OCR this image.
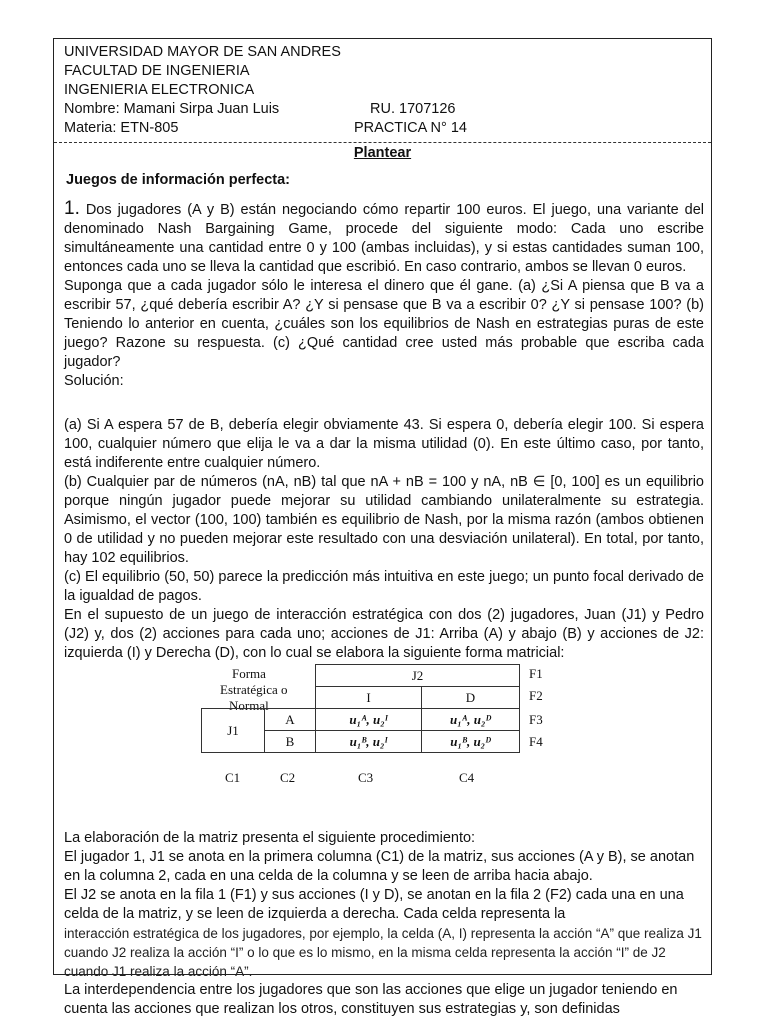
UNIVERSIDAD MAYOR DE SAN ANDRES
FACULTAD DE INGENIERIA
INGENIERIA ELECTRONICA
Nombre: Mamani Sirpa Juan Luis	RU. 1707126
Materia: ETN-805	PRACTICA N° 14
Plantear
Juegos de información perfecta:

1. Dos jugadores (A y B) están negociando cómo repartir 100 euros. El juego, una variante del denominado Nash Bargaining Game, procede del siguiente modo: Cada uno escribe simultáneamente una cantidad entre 0 y 100 (ambas incluidas), y si estas cantidades suman 100, entonces cada uno se lleva la cantidad que escribió. En caso contrario, ambos se llevan 0 euros.

Suponga que a cada jugador sólo le interesa el dinero que él gane. (a) ¿Si A piensa que B va a escribir 57, ¿qué debería escribir A? ¿Y si pensase que B va a escribir 0? ¿Y si pensase 100? (b) Teniendo lo anterior en cuenta, ¿cuáles son los equilibrios de Nash en estrategias puras de este juego? Razone su respuesta. (c) ¿Qué cantidad cree usted más probable que escriba cada jugador?

Solución:

(a) Si A espera 57 de B, debería elegir obviamente 43. Si espera 0, debería elegir 100. Si espera 100, cualquier número que elija le va a dar la misma utilidad (0). En este último caso, por tanto, está indiferente entre cualquier número.

(b) Cualquier par de números (nA, nB) tal que nA + nB = 100 y nA, nB ∈ [0, 100] es un equilibrio porque ningún jugador puede mejorar su utilidad cambiando unilateralmente su estrategia. Asimismo, el vector (100, 100) también es equilibrio de Nash, por la misma razón (ambos obtienen 0 de utilidad y no pueden mejorar este resultado con una desviación unilateral). En total, por tanto, hay 102 equilibrios.

(c) El equilibrio (50, 50) parece la predicción más intuitiva en este juego; un punto focal derivado de la igualdad de pagos.

En el supuesto de un juego de interacción estratégica con dos (2) jugadores, Juan (J1) y Pedro (J2) y, dos (2) acciones para cada uno; acciones de J1: Arriba (A) y abajo (B) y acciones de J2: izquierda (I) y Derecha (D), con lo cual se elabora la siguiente forma matricial:

Forma
Estratégica o
Normal
		J2	
		I	D
J1	A	u₁ᴬ, u₂ᴵ	u₁ᴬ, u₂ᴰ
	B	u₁ᴮ, u₂ᴵ	u₁ᴮ, u₂ᴰ
F1
F2
F3
F4
C1	C2	C3	C4

La elaboración de la matriz presenta el siguiente procedimiento:

El jugador 1, J1 se anota en la primera columna (C1) de la matriz, sus acciones (A y B), se anotan en la columna 2, cada en una celda de la columna y se leen de arriba hacia abajo.

El J2 se anota en la fila 1 (F1) y sus acciones (I y D), se anotan en la fila 2 (F2) cada una en una celda de la matriz, y se leen de izquierda a derecha. Cada celda representa la

interacción estratégica de los jugadores, por ejemplo, la celda (A, I) representa la acción “A” que realiza J1 cuando J2 realiza la acción “I” o lo que es lo mismo, en la misma celda representa la acción “I” de J2 cuando J1 realiza la acción “A”.

La interdependencia entre los jugadores que son las acciones que elige un jugador teniendo en cuenta las acciones que realizan los otros, constituyen sus estrategias y, son definidas
